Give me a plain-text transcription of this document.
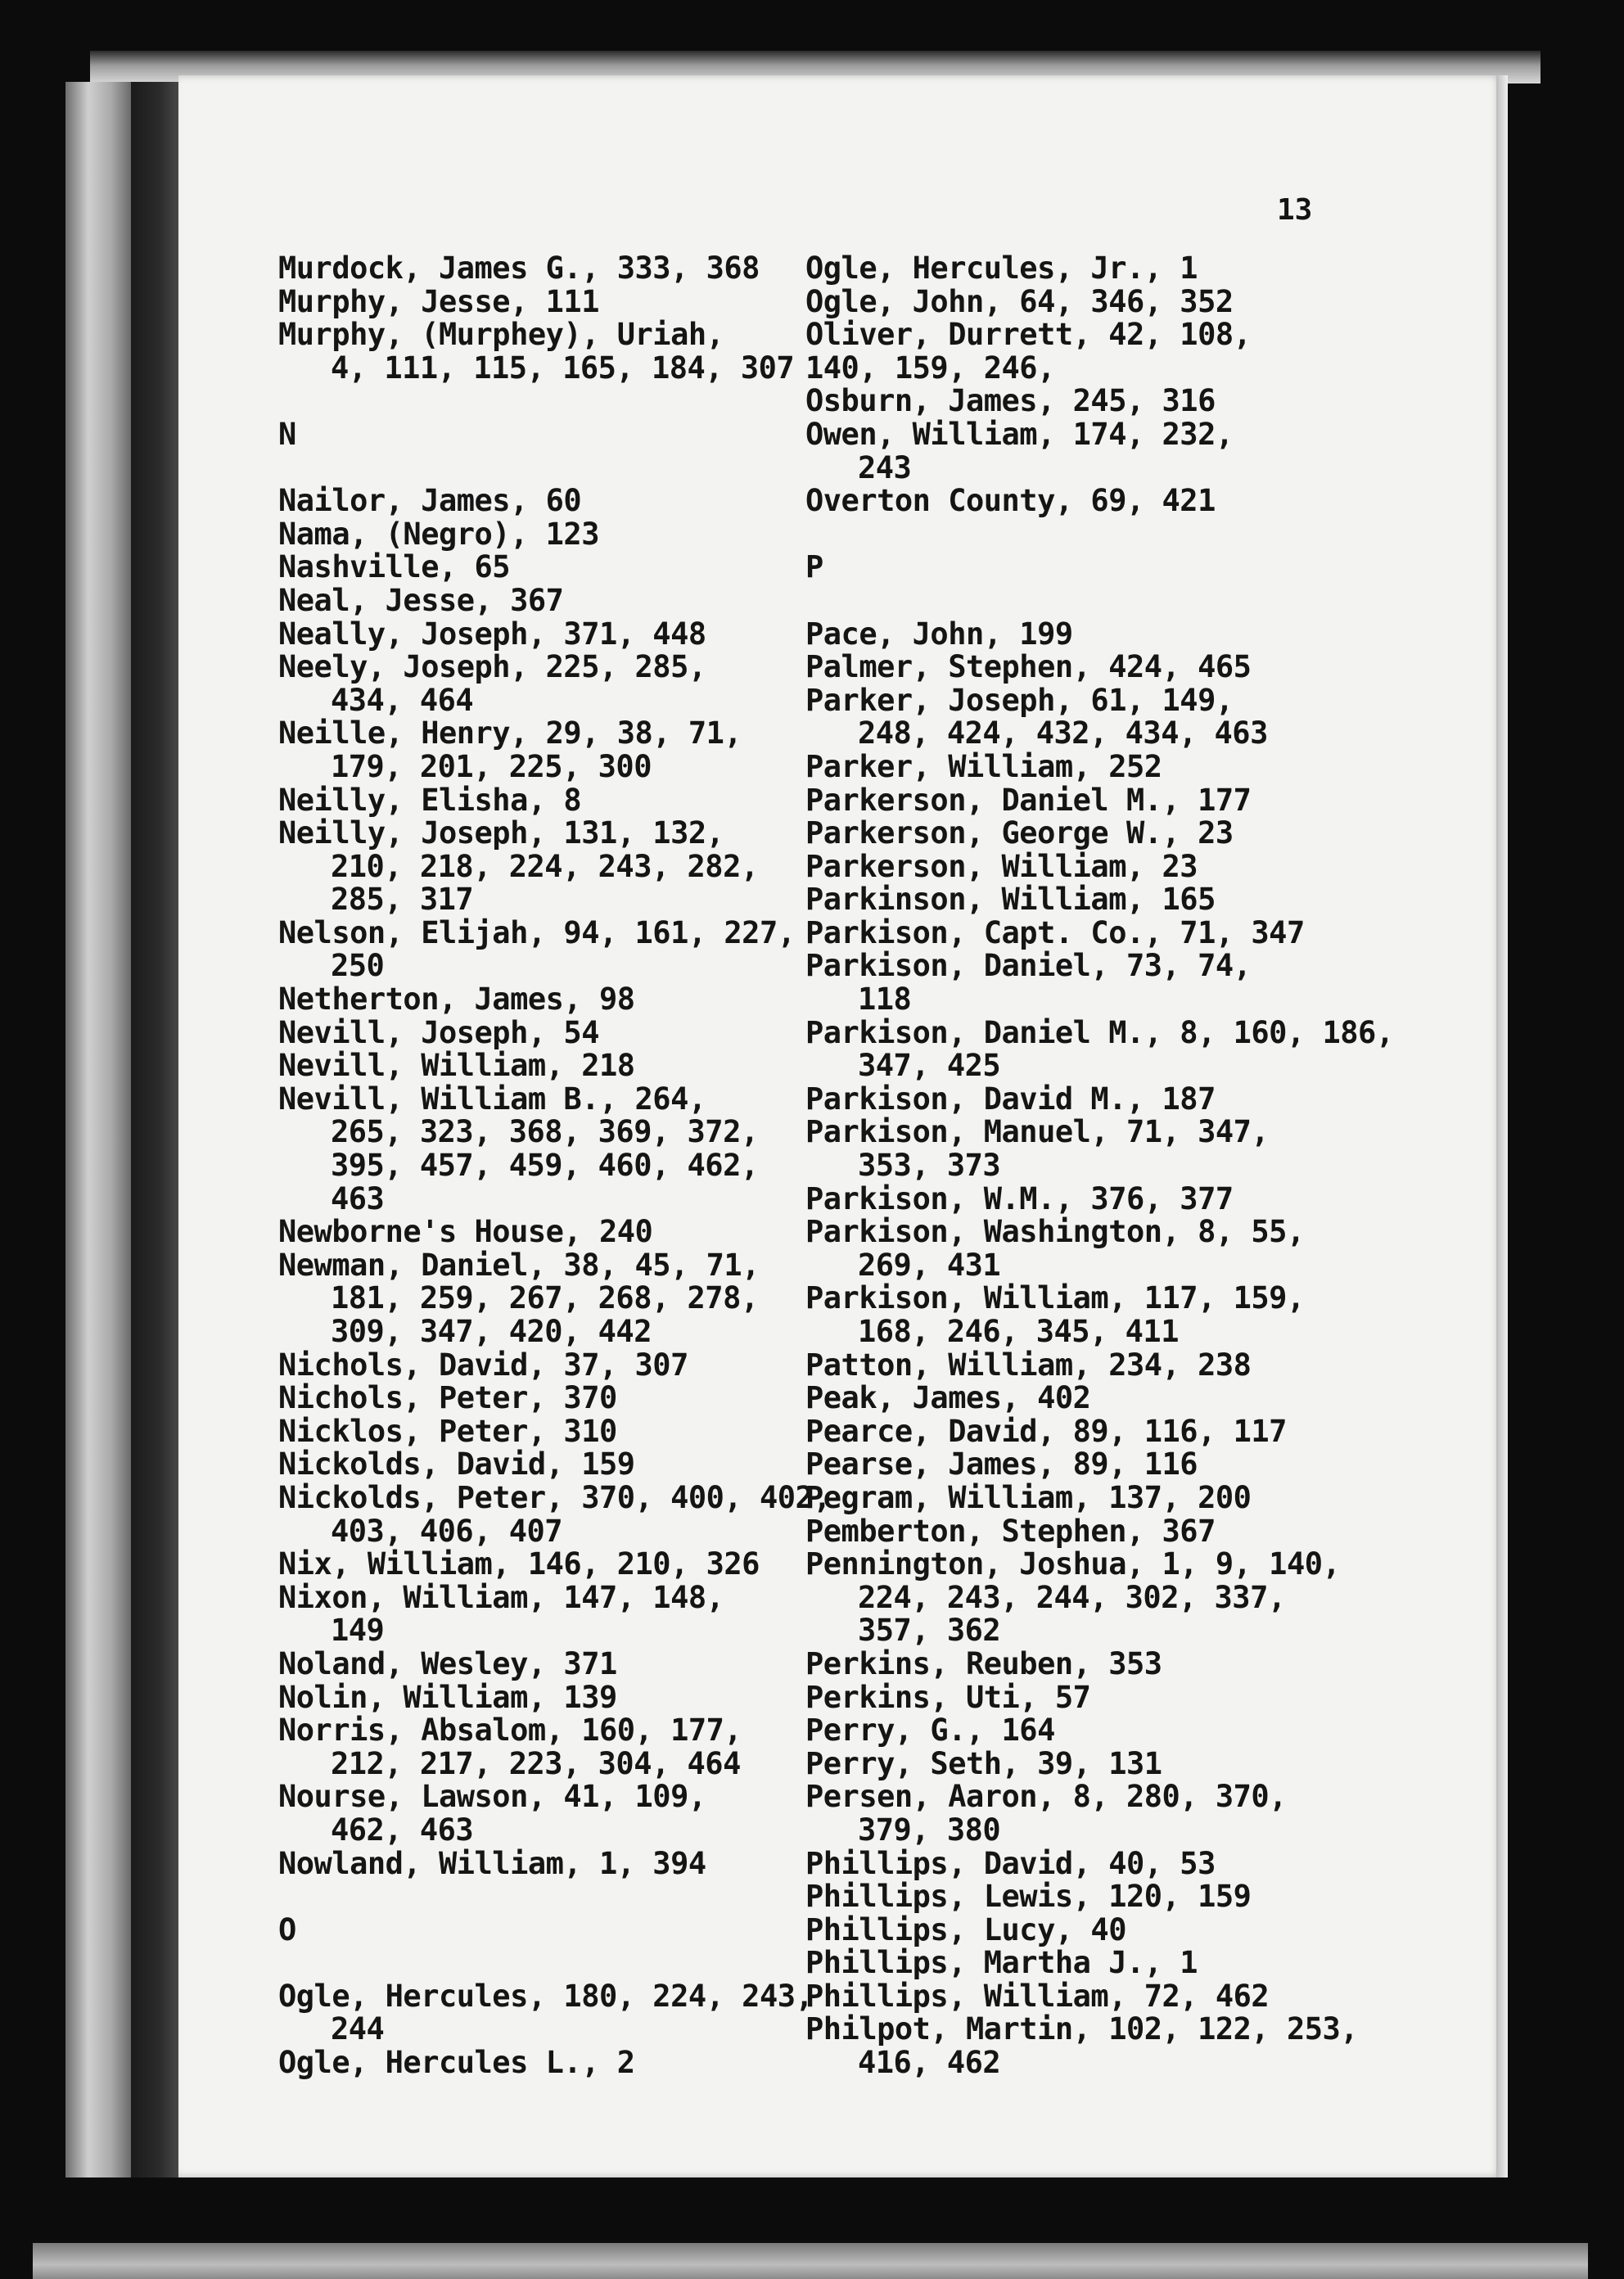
13
Murdock, James G., 333, 368
Murphy, Jesse, 111
Murphy, (Murphey), Uriah,
4, 111, 115, 165, 184, 307
N
Nailor, James, 60
Nama, (Negro), 123
Nashville, 65
Neal, Jesse, 367
Neally, Joseph, 371, 448
Neely, Joseph, 225, 285,
434, 464
Neille, Henry, 29, 38, 71,
179, 201, 225, 300
Neilly, Elisha, 8
Neilly, Joseph, 131, 132,
210, 218, 224, 243, 282,
285, 317
Nelson, Elijah, 94, 161, 227,
250
Netherton, James, 98
Nevill, Joseph, 54
Nevill, William, 218
Nevill, William B., 264,
265, 323, 368, 369, 372,
395, 457, 459, 460, 462,
463
Newborne's House, 240
Newman, Daniel, 38, 45, 71,
181, 259, 267, 268, 278,
309, 347, 420, 442
Nichols, David, 37, 307
Nichols, Peter, 370
Nicklos, Peter, 310
Nickolds, David, 159
Nickolds, Peter, 370, 400, 402,
403, 406, 407
Nix, William, 146, 210, 326
Nixon, William, 147, 148,
149
Noland, Wesley, 371
Nolin, William, 139
Norris, Absalom, 160, 177,
212, 217, 223, 304, 464
Nourse, Lawson, 41, 109,
462, 463
Nowland, William, 1, 394
O
Ogle, Hercules, 180, 224, 243,
244
Ogle, Hercules L., 2
Ogle, Hercules, Jr., 1
Ogle, John, 64, 346, 352
Oliver, Durrett, 42, 108,
140, 159, 246,
Osburn, James, 245, 316
Owen, William, 174, 232,
243
Overton County, 69, 421
P
Pace, John, 199
Palmer, Stephen, 424, 465
Parker, Joseph, 61, 149,
248, 424, 432, 434, 463
Parker, William, 252
Parkerson, Daniel M., 177
Parkerson, George W., 23
Parkerson, William, 23
Parkinson, William, 165
Parkison, Capt. Co., 71, 347
Parkison, Daniel, 73, 74,
118
Parkison, Daniel M., 8, 160, 186,
347, 425
Parkison, David M., 187
Parkison, Manuel, 71, 347,
353, 373
Parkison, W.M., 376, 377
Parkison, Washington, 8, 55,
269, 431
Parkison, William, 117, 159,
168, 246, 345, 411
Patton, William, 234, 238
Peak, James, 402
Pearce, David, 89, 116, 117
Pearse, James, 89, 116
Pegram, William, 137, 200
Pemberton, Stephen, 367
Pennington, Joshua, 1, 9, 140,
224, 243, 244, 302, 337,
357, 362
Perkins, Reuben, 353
Perkins, Uti, 57
Perry, G., 164
Perry, Seth, 39, 131
Persen, Aaron, 8, 280, 370,
379, 380
Phillips, David, 40, 53
Phillips, Lewis, 120, 159
Phillips, Lucy, 40
Phillips, Martha J., 1
Phillips, William, 72, 462
Philpot, Martin, 102, 122, 253,
416, 462
